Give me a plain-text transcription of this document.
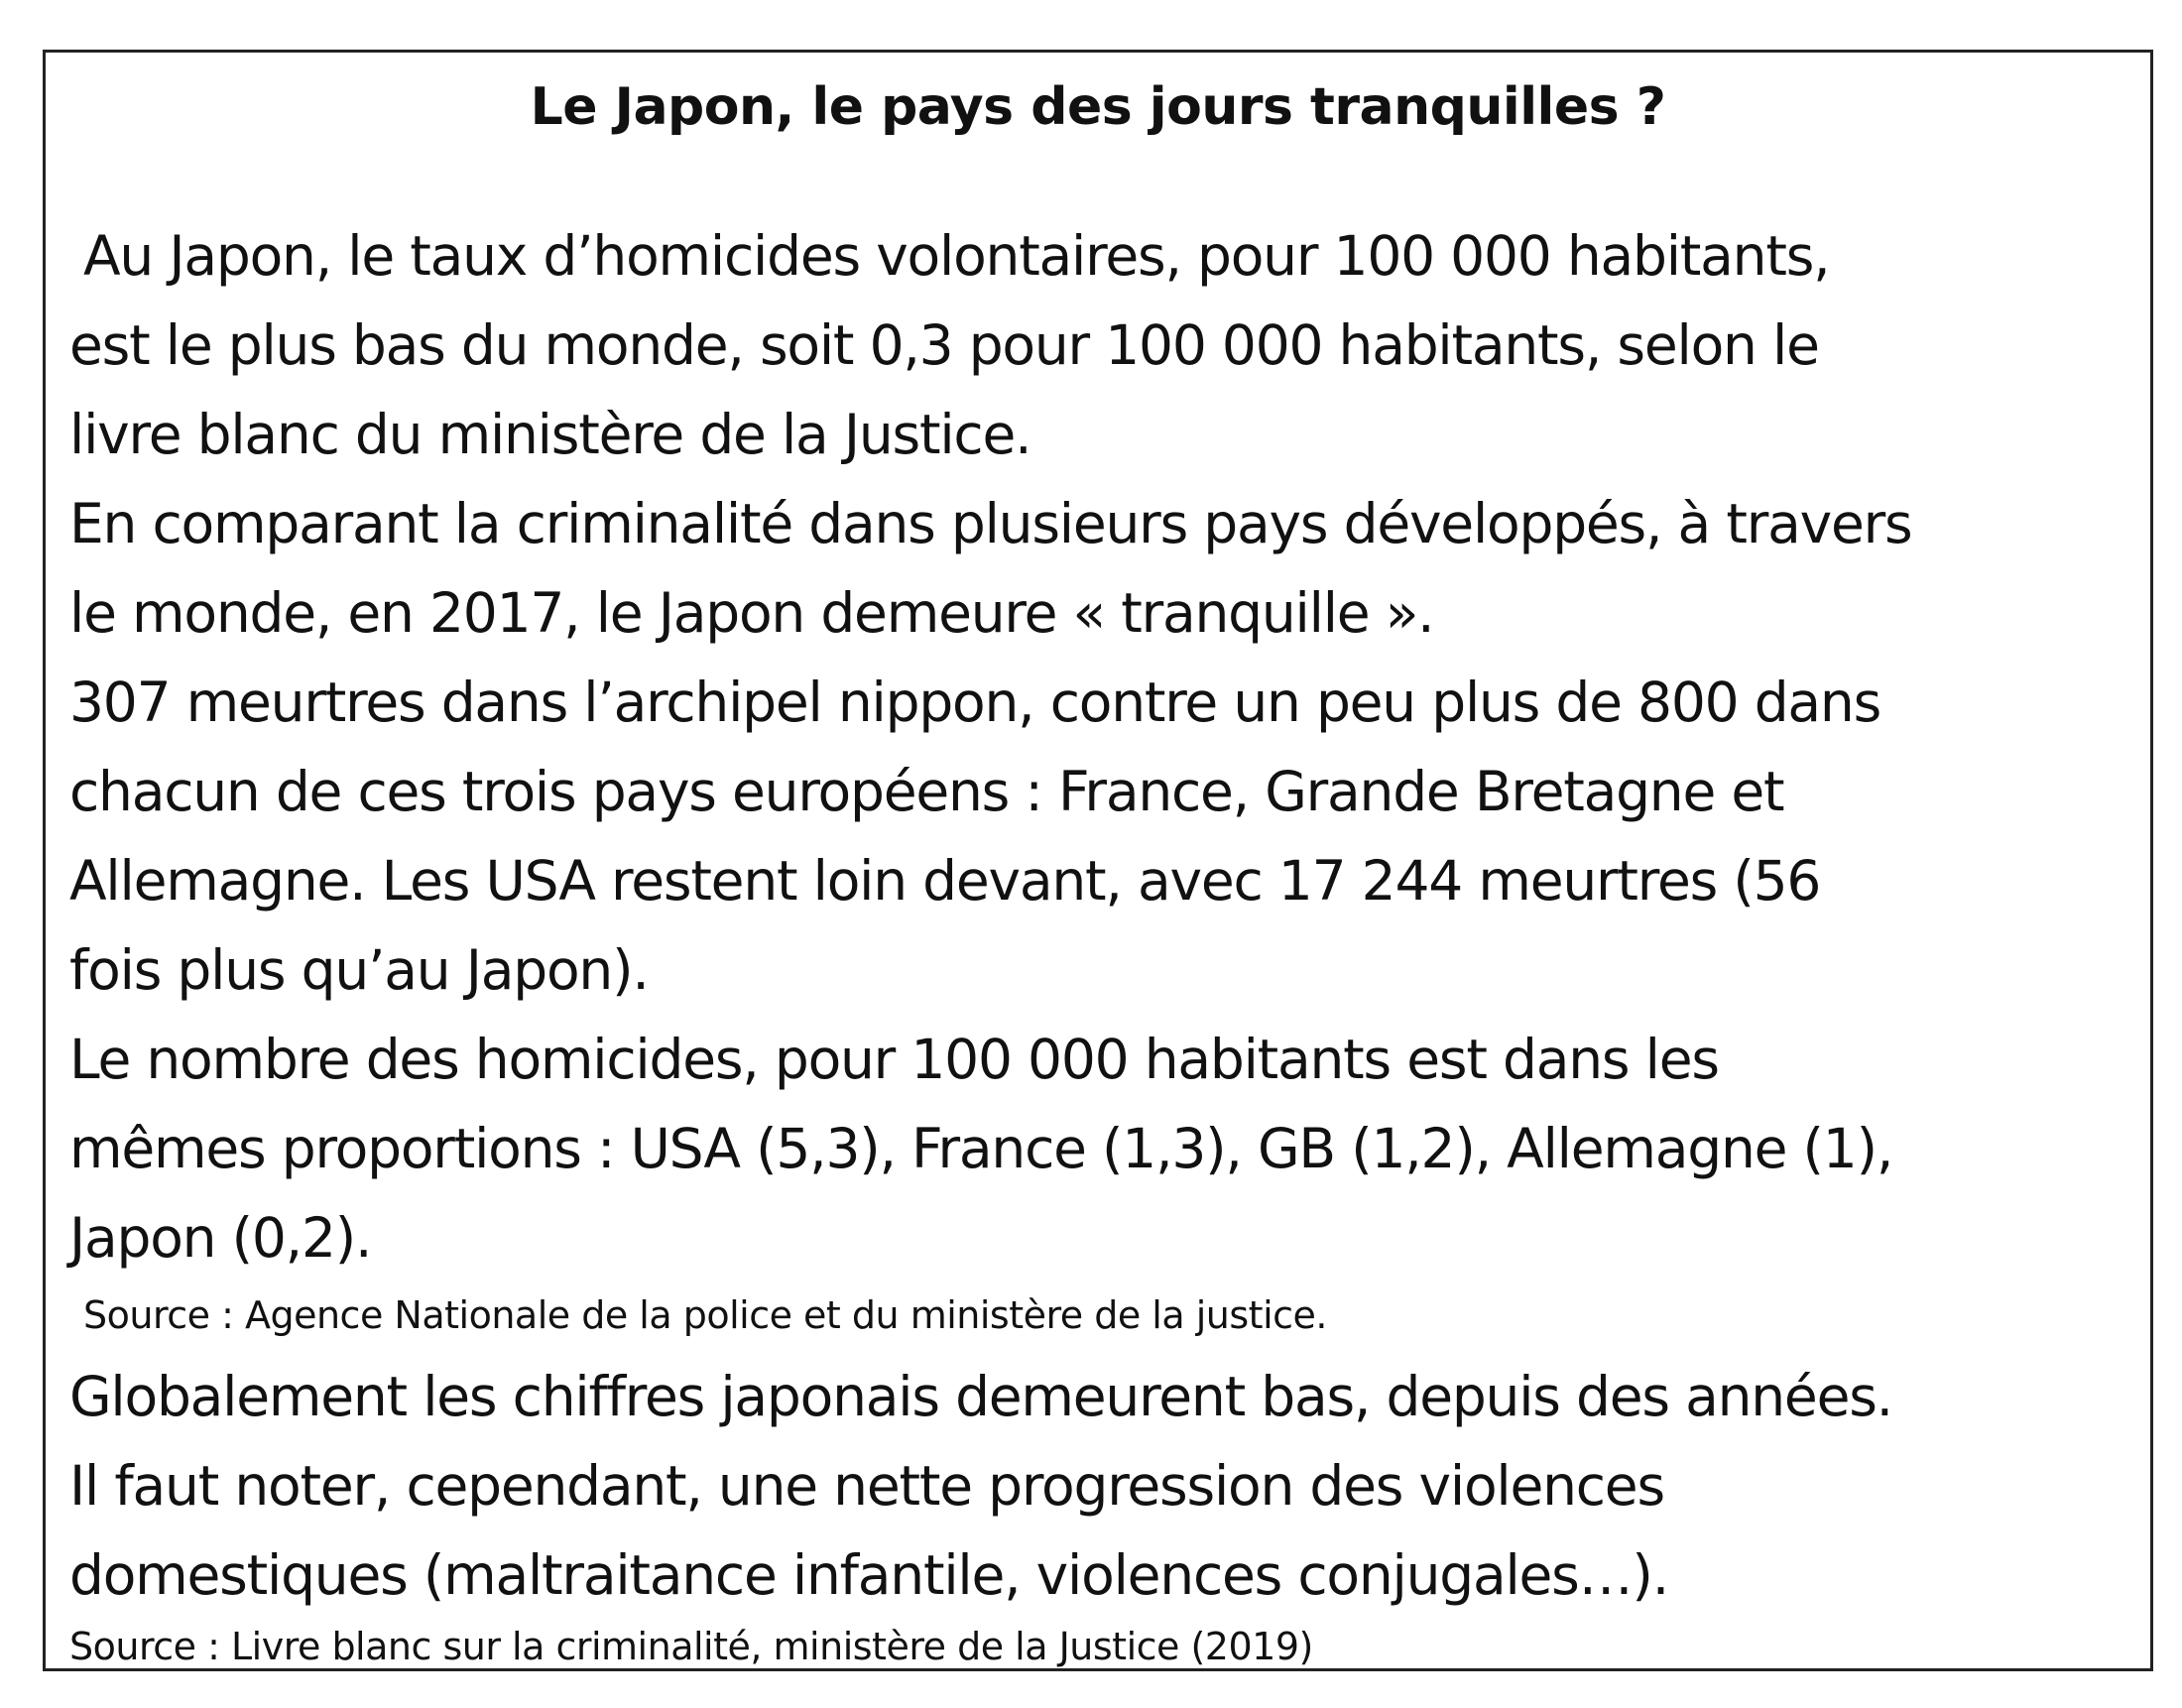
Le Japon, le pays des jours tranquilles ?
Au Japon, le taux d’homicides volontaires, pour 100 000 habitants,
est le plus bas du monde, soit 0,3 pour 100 000 habitants, selon le
livre blanc du ministère de la Justice.
En comparant la criminalité dans plusieurs pays développés, à travers
le monde, en 2017, le Japon demeure « tranquille ».
307 meurtres dans l’archipel nippon, contre un peu plus de 800 dans
chacun de ces trois pays européens : France, Grande Bretagne et
Allemagne. Les USA restent loin devant, avec 17 244 meurtres (56
fois plus qu’au Japon).
Le nombre des homicides, pour 100 000 habitants est dans les
mêmes proportions : USA (5,3), France (1,3), GB (1,2), Allemagne (1),
Japon (0,2).
Source : Agence Nationale de la police et du ministère de la justice.
Globalement les chiffres japonais demeurent bas, depuis des années.
Il faut noter, cependant, une nette progression des violences
domestiques (maltraitance infantile, violences conjugales…).
Source : Livre blanc sur la criminalité, ministère de la Justice (2019)
